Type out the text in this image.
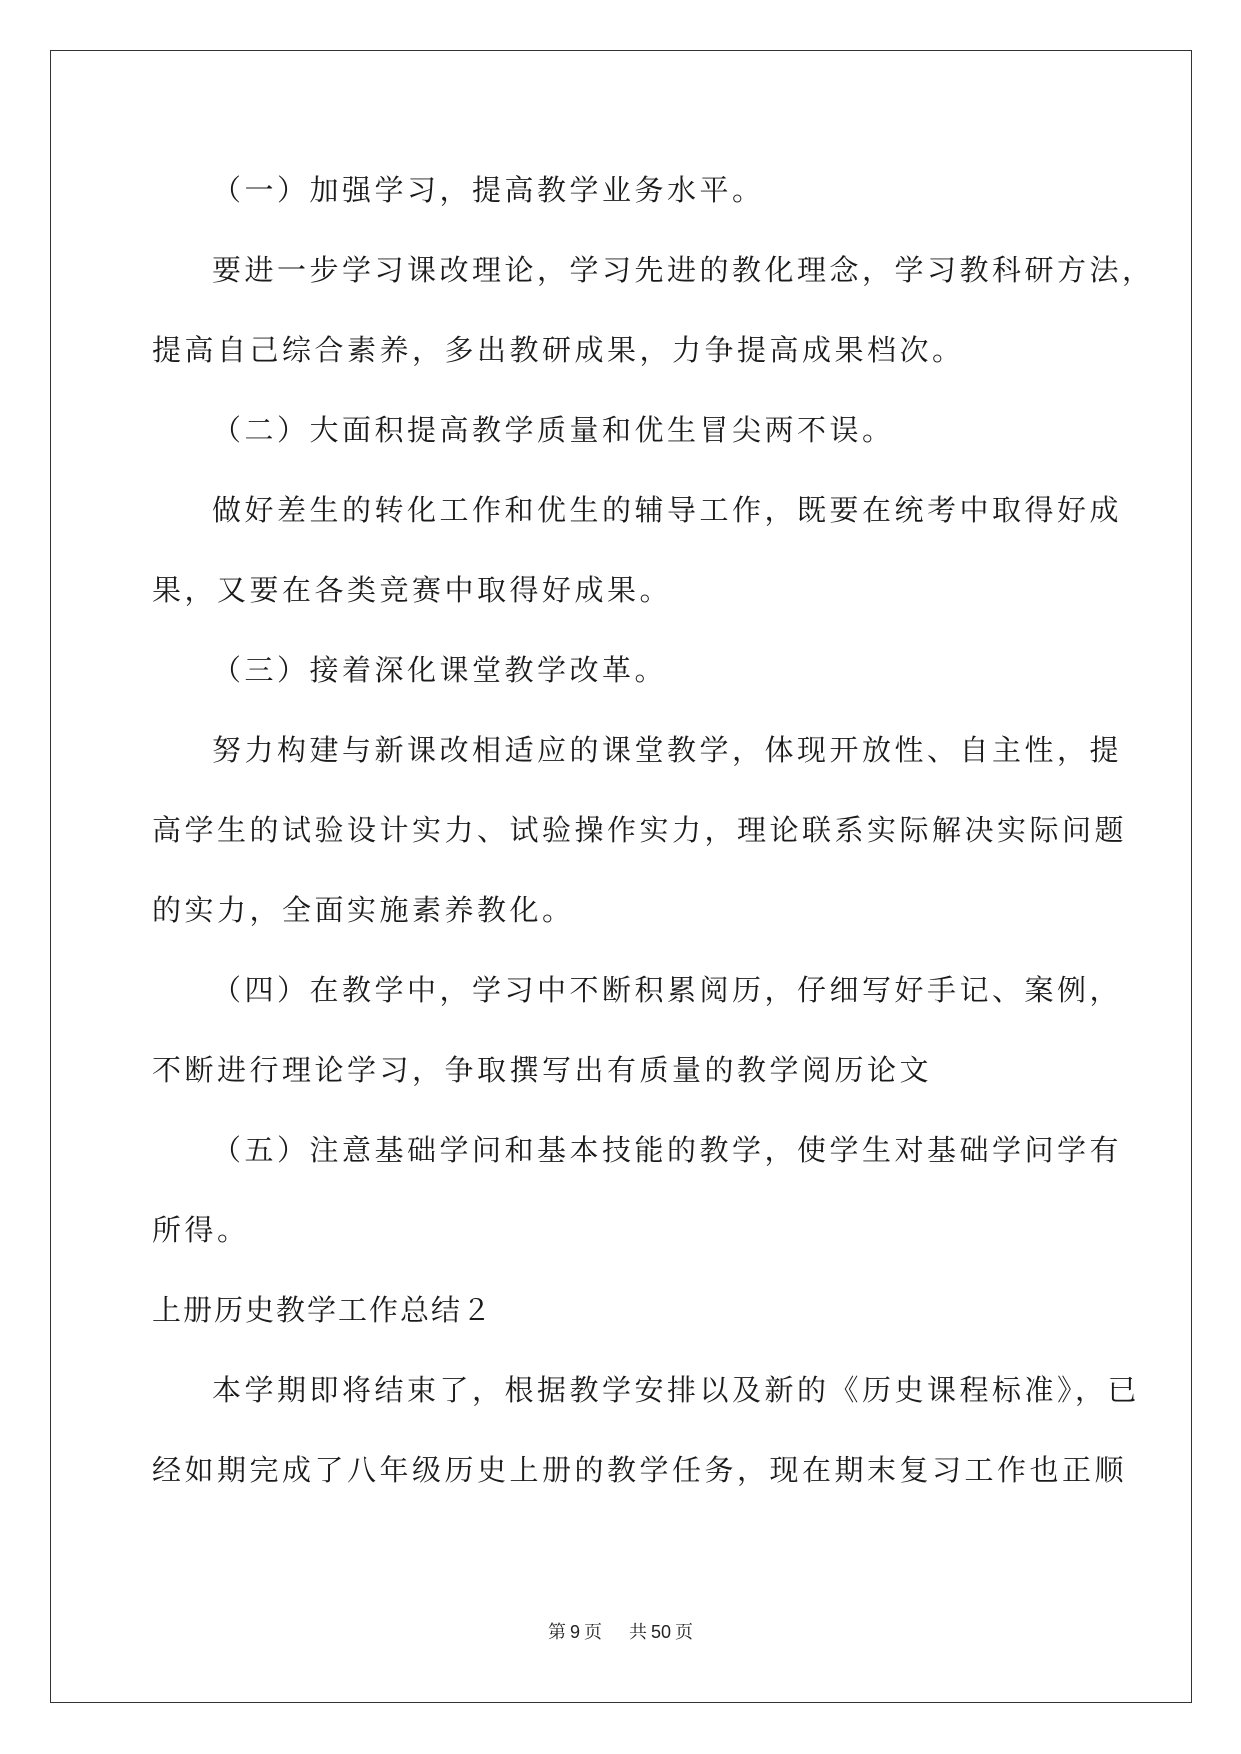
（一）加强学习，提高教学业务水平。
要进一步学习课改理论，学习先进的教化理念，学习教科研方法，
提高自己综合素养，多出教研成果，力争提高成果档次。
（二）大面积提高教学质量和优生冒尖两不误。
做好差生的转化工作和优生的辅导工作，既要在统考中取得好成
果，又要在各类竞赛中取得好成果。
（三）接着深化课堂教学改革。
努力构建与新课改相适应的课堂教学，体现开放性、自主性，提
高学生的试验设计实力、试验操作实力，理论联系实际解决实际问题
的实力，全面实施素养教化。
（四）在教学中，学习中不断积累阅历，仔细写好手记、案例，
不断进行理论学习，争取撰写出有质量的教学阅历论文
（五）注意基础学问和基本技能的教学，使学生对基础学问学有
所得。
上册历史教学工作总结２
本学期即将结束了，根据教学安排以及新的《历史课程标准》，已
经如期完成了八年级历史上册的教学任务，现在期末复习工作也正顺
第 9 页 共 50 页
